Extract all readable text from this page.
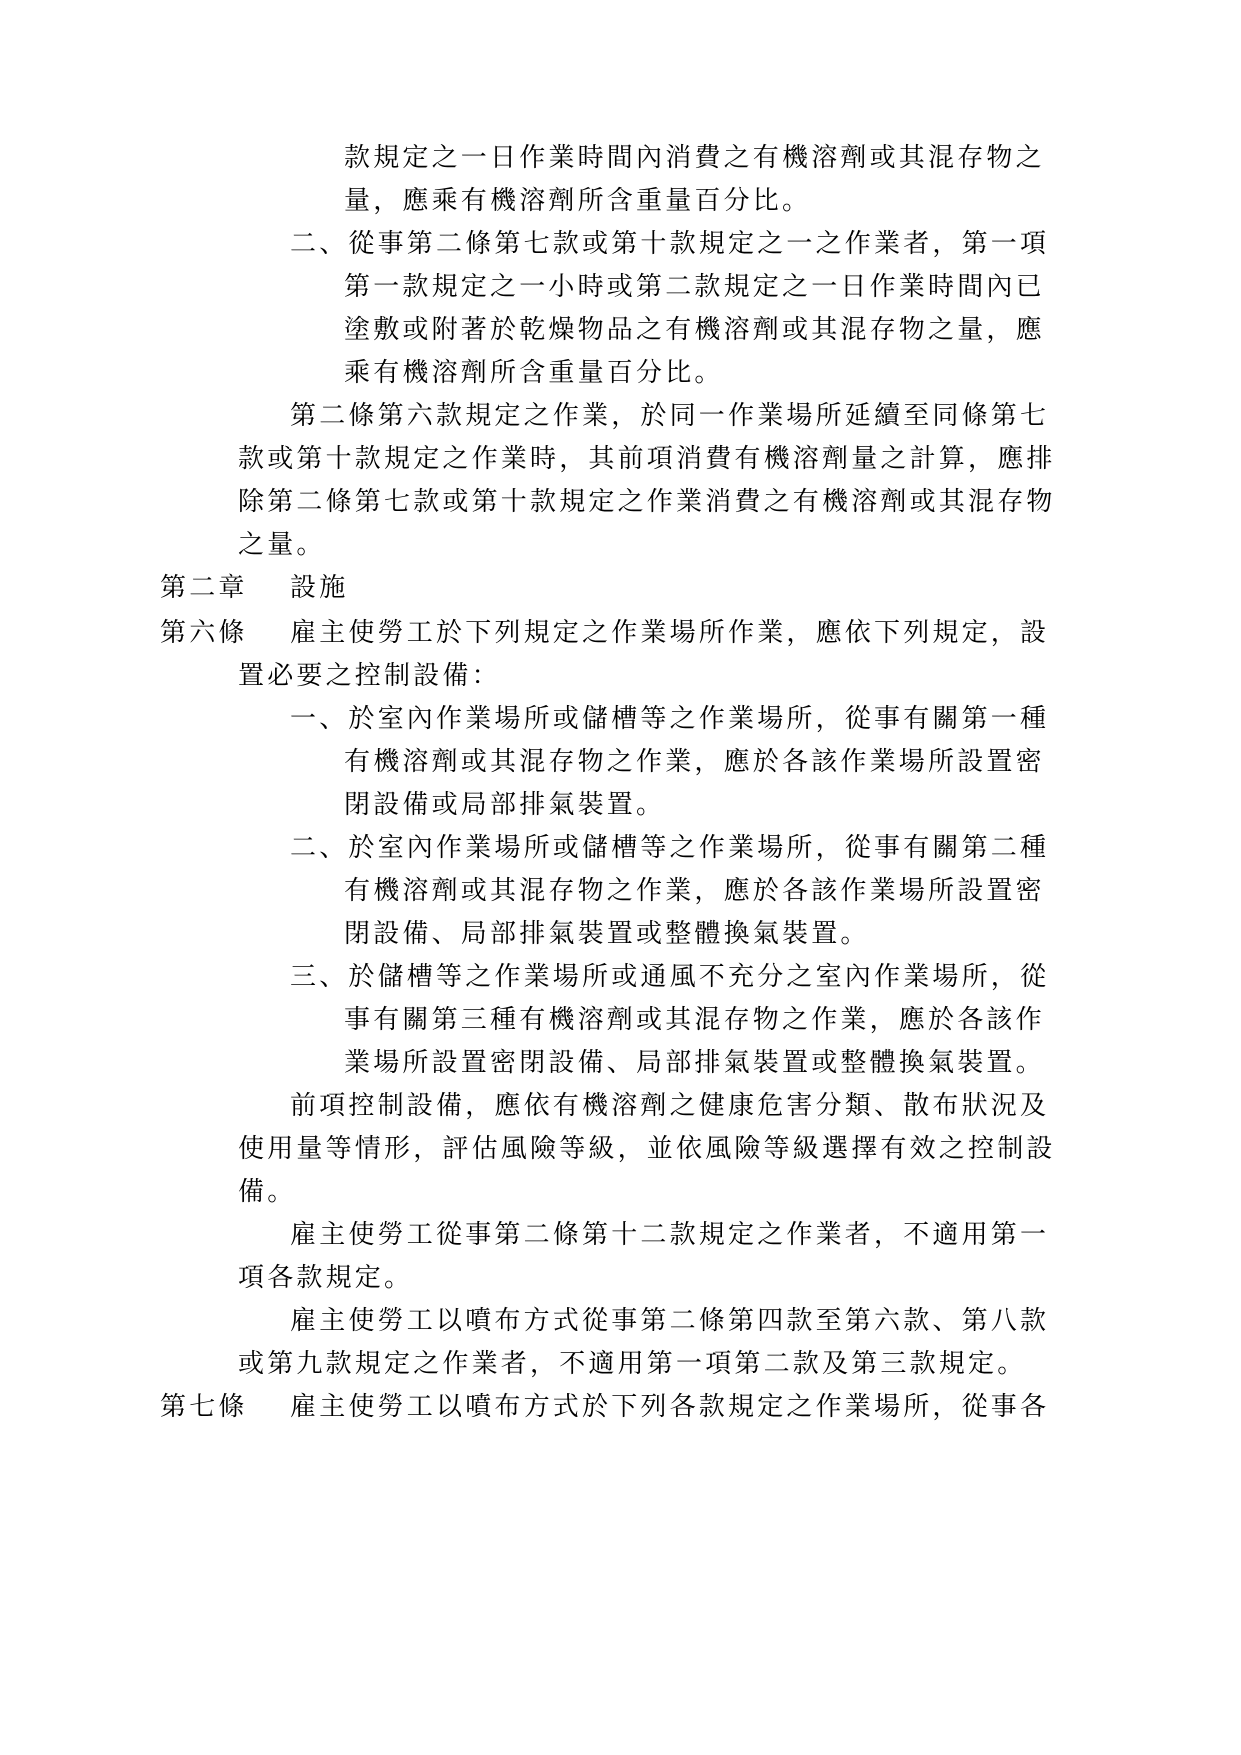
款規定之一日作業時間內消費之有機溶劑或其混存物之
量，應乘有機溶劑所含重量百分比。
二、從事第二條第七款或第十款規定之一之作業者，第一項
第一款規定之一小時或第二款規定之一日作業時間內已
塗敷或附著於乾燥物品之有機溶劑或其混存物之量，應
乘有機溶劑所含重量百分比。
第二條第六款規定之作業，於同一作業場所延續至同條第七
款或第十款規定之作業時，其前項消費有機溶劑量之計算，應排
除第二條第七款或第十款規定之作業消費之有機溶劑或其混存物
之量。
第二章 設施
第六條 雇主使勞工於下列規定之作業場所作業，應依下列規定，設
置必要之控制設備：
一、於室內作業場所或儲槽等之作業場所，從事有關第一種
有機溶劑或其混存物之作業，應於各該作業場所設置密
閉設備或局部排氣裝置。
二、於室內作業場所或儲槽等之作業場所，從事有關第二種
有機溶劑或其混存物之作業，應於各該作業場所設置密
閉設備、局部排氣裝置或整體換氣裝置。
三、於儲槽等之作業場所或通風不充分之室內作業場所，從
事有關第三種有機溶劑或其混存物之作業，應於各該作
業場所設置密閉設備、局部排氣裝置或整體換氣裝置。
前項控制設備，應依有機溶劑之健康危害分類、散布狀況及
使用量等情形，評估風險等級，並依風險等級選擇有效之控制設
備。
雇主使勞工從事第二條第十二款規定之作業者，不適用第一
項各款規定。
雇主使勞工以噴布方式從事第二條第四款至第六款、第八款
或第九款規定之作業者，不適用第一項第二款及第三款規定。
第七條 雇主使勞工以噴布方式於下列各款規定之作業場所，從事各
